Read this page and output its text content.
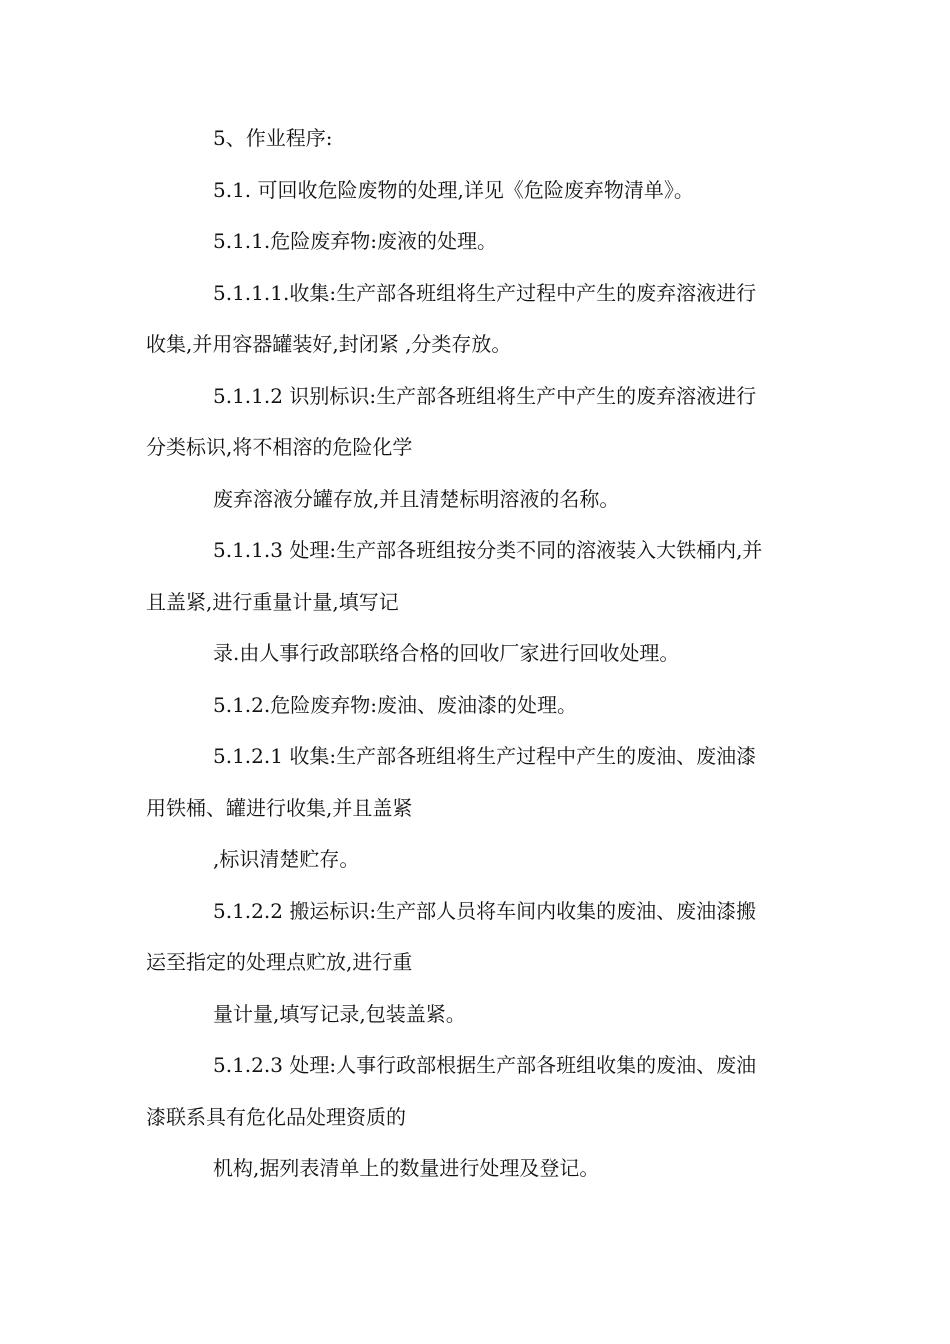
5、作业程序:
5.1. 可回收危险废物的处理,详见《危险废弃物清单》。
5.1.1.危险废弃物:废液的处理。
5.1.1.1.收集:生产部各班组将生产过程中产生的废弃溶液进行
收集,并用容器罐装好,封闭紧 ,分类存放。
5.1.1.2 识别标识:生产部各班组将生产中产生的废弃溶液进行
分类标识,将不相溶的危险化学
废弃溶液分罐存放,并且清楚标明溶液的名称。
5.1.1.3 处理:生产部各班组按分类不同的溶液装入大铁桶内,并
且盖紧,进行重量计量,填写记
录.由人事行政部联络合格的回收厂家进行回收处理。
5.1.2.危险废弃物:废油、废油漆的处理。
5.1.2.1 收集:生产部各班组将生产过程中产生的废油、废油漆
用铁桶、罐进行收集,并且盖紧
,标识清楚贮存。
5.1.2.2 搬运标识:生产部人员将车间内收集的废油、废油漆搬
运至指定的处理点贮放,进行重
量计量,填写记录,包装盖紧。
5.1.2.3 处理:人事行政部根据生产部各班组收集的废油、废油
漆联系具有危化品处理资质的
机构,据列表清单上的数量进行处理及登记。
